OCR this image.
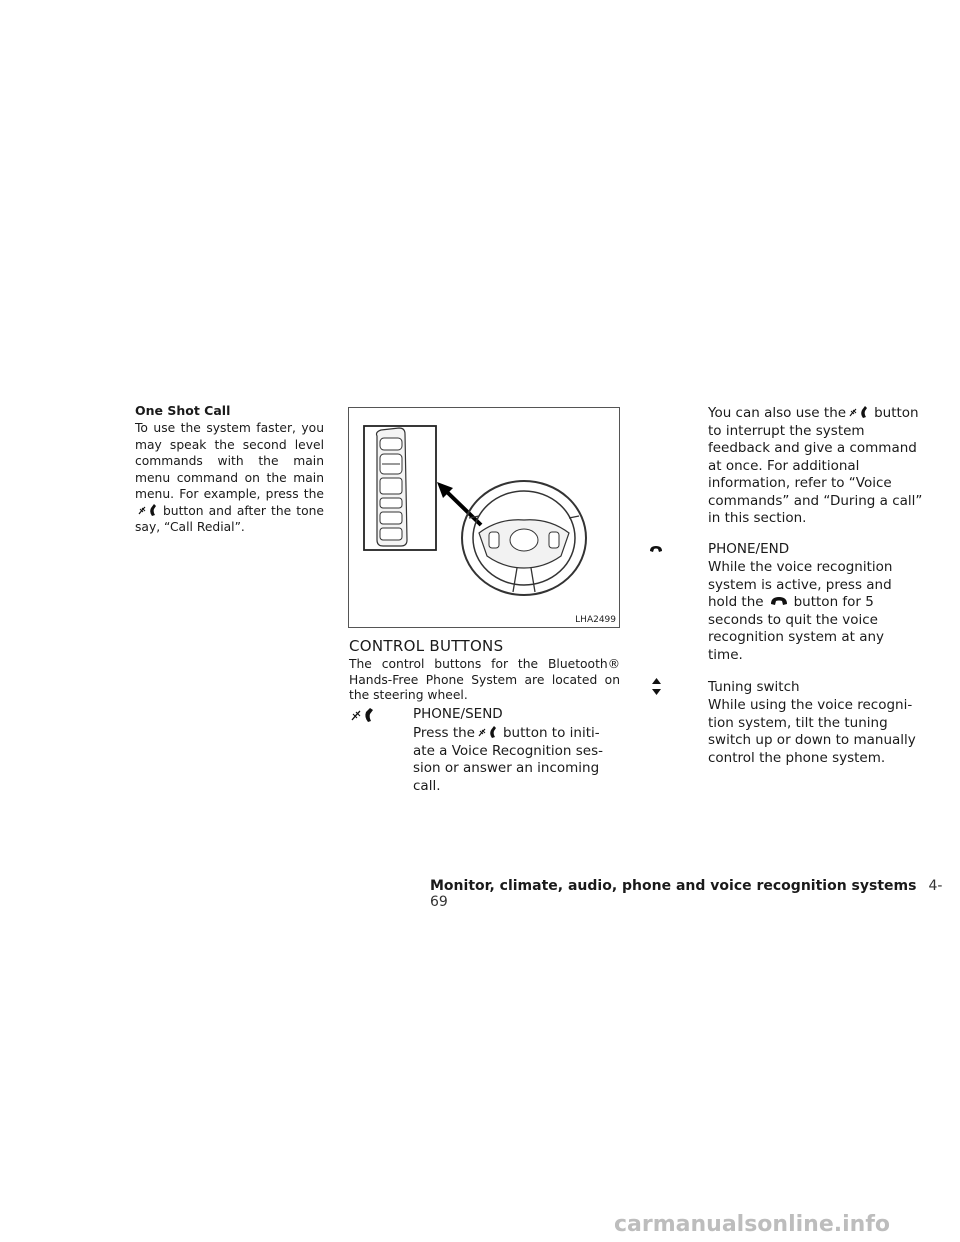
One Shot Call
To use the system faster, you may speak the second level commands with the main menu command on the main menu. For example, press thebutton and after the tone say, “Call Redial”.
LHA2499
CONTROL BUTTONS
The control buttons for the Bluetooth® Hands-Free Phone System are located on the steering wheel.
PHONE/SEND
Press the button to initiate a Voice Recognition session or answer an incoming call.
You can also use the button to interrupt the system feedback and give a command at once. For additional information, refer to “Voice commands” and “During a call” in this section.
PHONE/END
While the voice recognition system is active, press and hold the button for 5 seconds to quit the voice recognition system at any time.
Tuning switch
While using the voice recognition system, tilt the tuning switch up or down to manually control the phone system.
Monitor, climate, audio, phone and voice recognition systems 4-69
carmanualsonline.info
